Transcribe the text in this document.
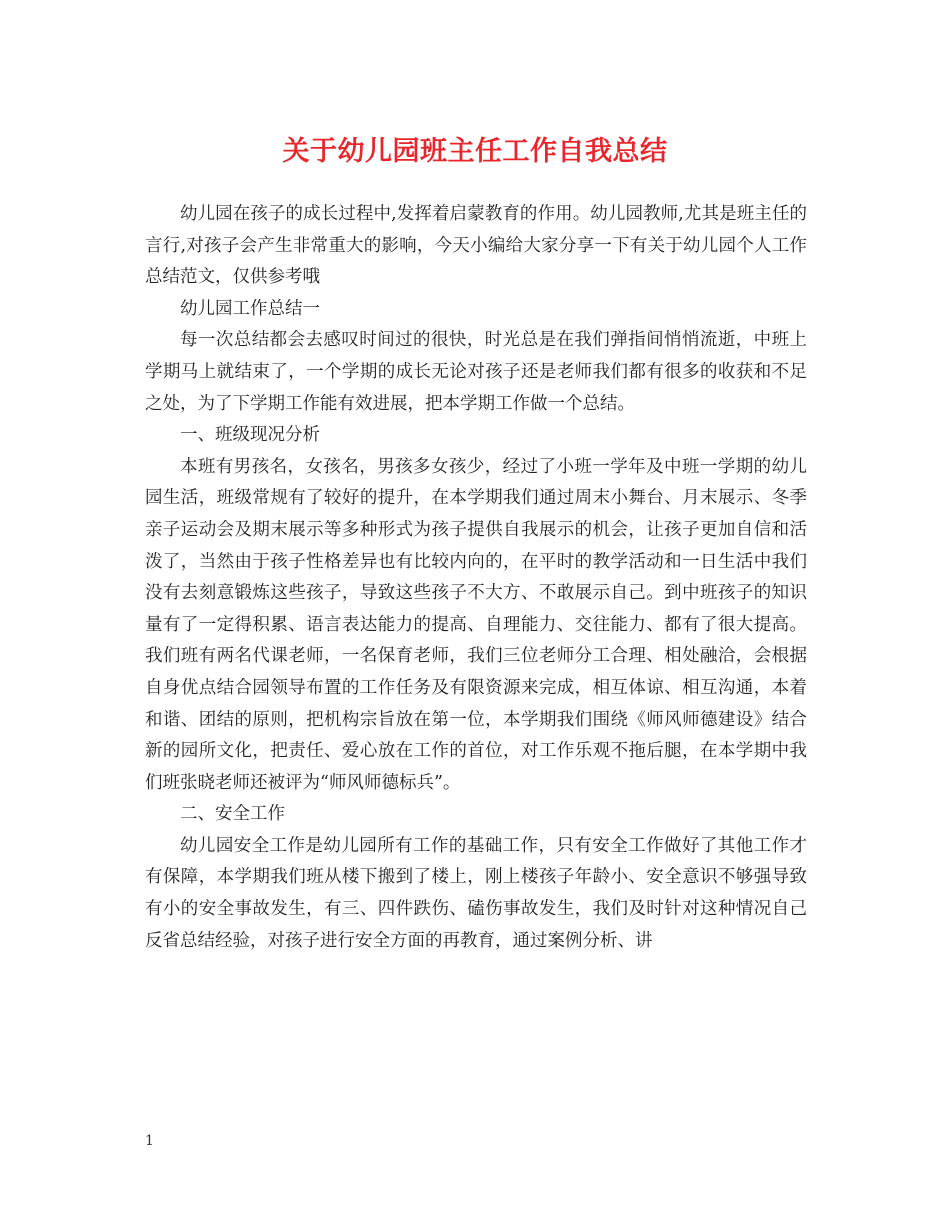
关于幼儿园班主任工作自我总结

幼儿园在孩子的成长过程中,发挥着启蒙教育的作用。幼儿园教师,尤其是班主任的言行,对孩子会产生非常重大的影响，今天小编给大家分享一下有关于幼儿园个人工作总结范文，仅供参考哦

幼儿园工作总结一

每一次总结都会去感叹时间过的很快，时光总是在我们弹指间悄悄流逝，中班上学期马上就结束了，一个学期的成长无论对孩子还是老师我们都有很多的收获和不足之处，为了下学期工作能有效进展，把本学期工作做一个总结。

一、班级现况分析

本班有男孩名，女孩名，男孩多女孩少，经过了小班一学年及中班一学期的幼儿园生活，班级常规有了较好的提升，在本学期我们通过周末小舞台、月末展示、冬季亲子运动会及期末展示等多种形式为孩子提供自我展示的机会，让孩子更加自信和活泼了，当然由于孩子性格差异也有比较内向的，在平时的教学活动和一日生活中我们没有去刻意锻炼这些孩子，导致这些孩子不大方、不敢展示自己。到中班孩子的知识量有了一定得积累、语言表达能力的提高、自理能力、交往能力、都有了很大提高。我们班有两名代课老师，一名保育老师，我们三位老师分工合理、相处融洽，会根据自身优点结合园领导布置的工作任务及有限资源来完成，相互体谅、相互沟通，本着和谐、团结的原则，把机构宗旨放在第一位，本学期我们围绕《师风师德建设》结合新的园所文化，把责任、爱心放在工作的首位，对工作乐观不拖后腿，在本学期中我们班张晓老师还被评为“师风师德标兵”。

二、安全工作

幼儿园安全工作是幼儿园所有工作的基础工作，只有安全工作做好了其他工作才有保障，本学期我们班从楼下搬到了楼上，刚上楼孩子年龄小、安全意识不够强导致有小的安全事故发生，有三、四件跌伤、磕伤事故发生，我们及时针对这种情况自己反省总结经验，对孩子进行安全方面的再教育，通过案例分析、讲

1
